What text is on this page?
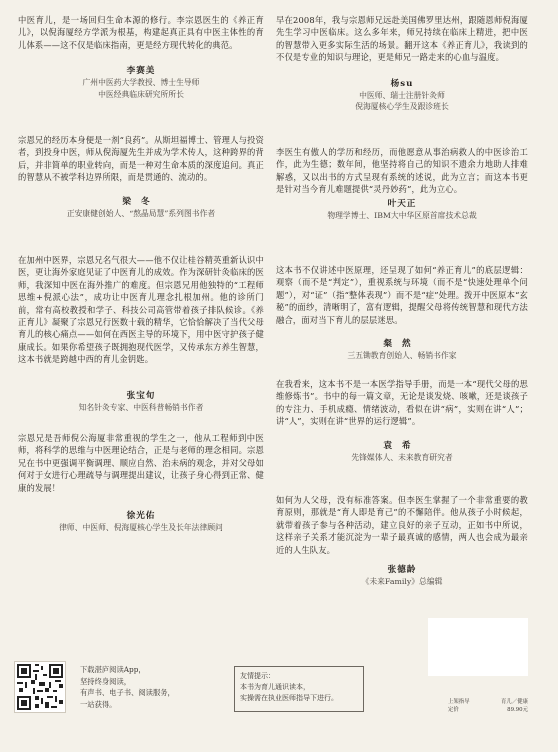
中医育儿，是一场回归生命本源的修行。李宗恩医生的《养正育儿》，以倪海厦经方学派为根基，构建起真正具有中医主体性的育儿体系——这不仅是临床指南，更是经方现代转化的典范。

李赛美

广州中医药大学教授、博士生导师
中医经典临床研究所所长

宗恩兄的经历本身便是一剂“良药”。从斯坦福博士、管理人与投资者，到投身中医，师从倪海厦先生并成为学术传人，这种跨界的背后，并非简单的职业转向，而是一种对生命本质的深度追问。真正的智慧从不被学科边界所限，而是贯通的、流动的。

梁冬

正安康健创始人、“熬晶局慧”系列图书作者

在加州中医界，宗恩兄名气很大——他不仅让桂谷精英重新认识中医，更让海外家庭见证了中医育儿的成效。作为深研针灸临床的医师，我深知中医在海外推广的难度。但宗恩兄用他独特的“工程师思维+倪派心法”，成功让中医育儿理念扎根加州。他的诊所门前，常有高校教授和学子、科技公司高管带着孩子排队候诊。《养正育儿》凝聚了宗恩兄行医数十载的精华，它恰恰解决了当代父母育儿的核心痛点——如何在西医主导的环境下，用中医守护孩子健康成长。如果你希望孩子既拥抱现代医学，又传承东方养生智慧，这本书就是跨越中西的育儿金钥匙。

张宝旬

知名针灸专家、中医科普畅销书作者

宗恩兄是吾师倪公海厦非常重视的学生之一，他从工程师到中医师，将科学的思维与中医理论结合，正是与老师的理念相同。宗恩兄在书中更强调平衡调理、顺应自然、治未病的观念，并对父母如何对于女进行心理疏导与调理提出建议，让孩子身心得到正常、健康的发展！

徐光佑

律师、中医师、倪海厦核心学生及长年法律顾问

早在2008年，我与宗恩师兄远赴美国佛罗里达州，跟随恩师倪海厦先生学习中医临床。这么多年来，师兄持续在临床上精进，把中医的智慧带入更多实际生活的场景。翻开这本《养正育儿》，我读到的不仅是专业的知识与理论，更是师兄一路走来的心血与温度。

杨su

中医师、瑞士注册针灸师
倪海厦核心学生及跟诊班长

李医生有傲人的学历和经历，而他愿意从事治病救人的中医诊治工作，此为生德；数年间，他坚持将自己的知识不遗余力地助人排难解惑，又以出书的方式呈现有系统的述说，此为立言；而这本书更是针对当今育儿难题提供“灵丹妙药”，此为立心。

叶天正

物理学博士、IBM大中华区原首席技术总裁

这本书不仅讲述中医原理，还呈现了如何“养正育儿”的底层逻辑：观察（而不是“判定”），重视系统与环境（而不是“快速处理单个问题”），对“证”（指“整体表现”）而不是“症”处理。拨开中医原本“玄秘”的面纱，清晰明了，富有逻辑，提醒父母将传统智慧和现代方法融合，面对当下育儿的层层迷思。

粲然

三五锄教育创始人、畅销书作家

在我看来，这本书不是一本医学指导手册，而是一本“现代父母的思维修炼书”。书中的每一篇文章，无论是谈发烧、咳嗽，还是谈孩子的专注力、手机成瘾、情绪波动，看似在讲“病”，实则在讲“人”；讲“人”，实则在讲“世界的运行逻辑”。

袁希

先锋媒体人、未来教育研究者

如何为人父母，没有标准答案。但李医生掌握了一个非常重要的教育原则，那就是“育人即是育己”的不懈陪伴。他从孩子小时候起，就带着孩子参与各种活动，建立良好的亲子互动，正如书中所说，这样亲子关系才能沉淀为一辈子最真诚的感情，两人也会成为最亲近的人生队友。

张德龄

《未来Family》总编辑

下载湛庐阅读App，
坚持终身阅读，
有声书、电子书、阅读服务，
一站获得。
友情提示：
本书为育儿通识读本，
实操需在执业医师指导下进行。	上架指导
定价
育儿／健康
89.90元
